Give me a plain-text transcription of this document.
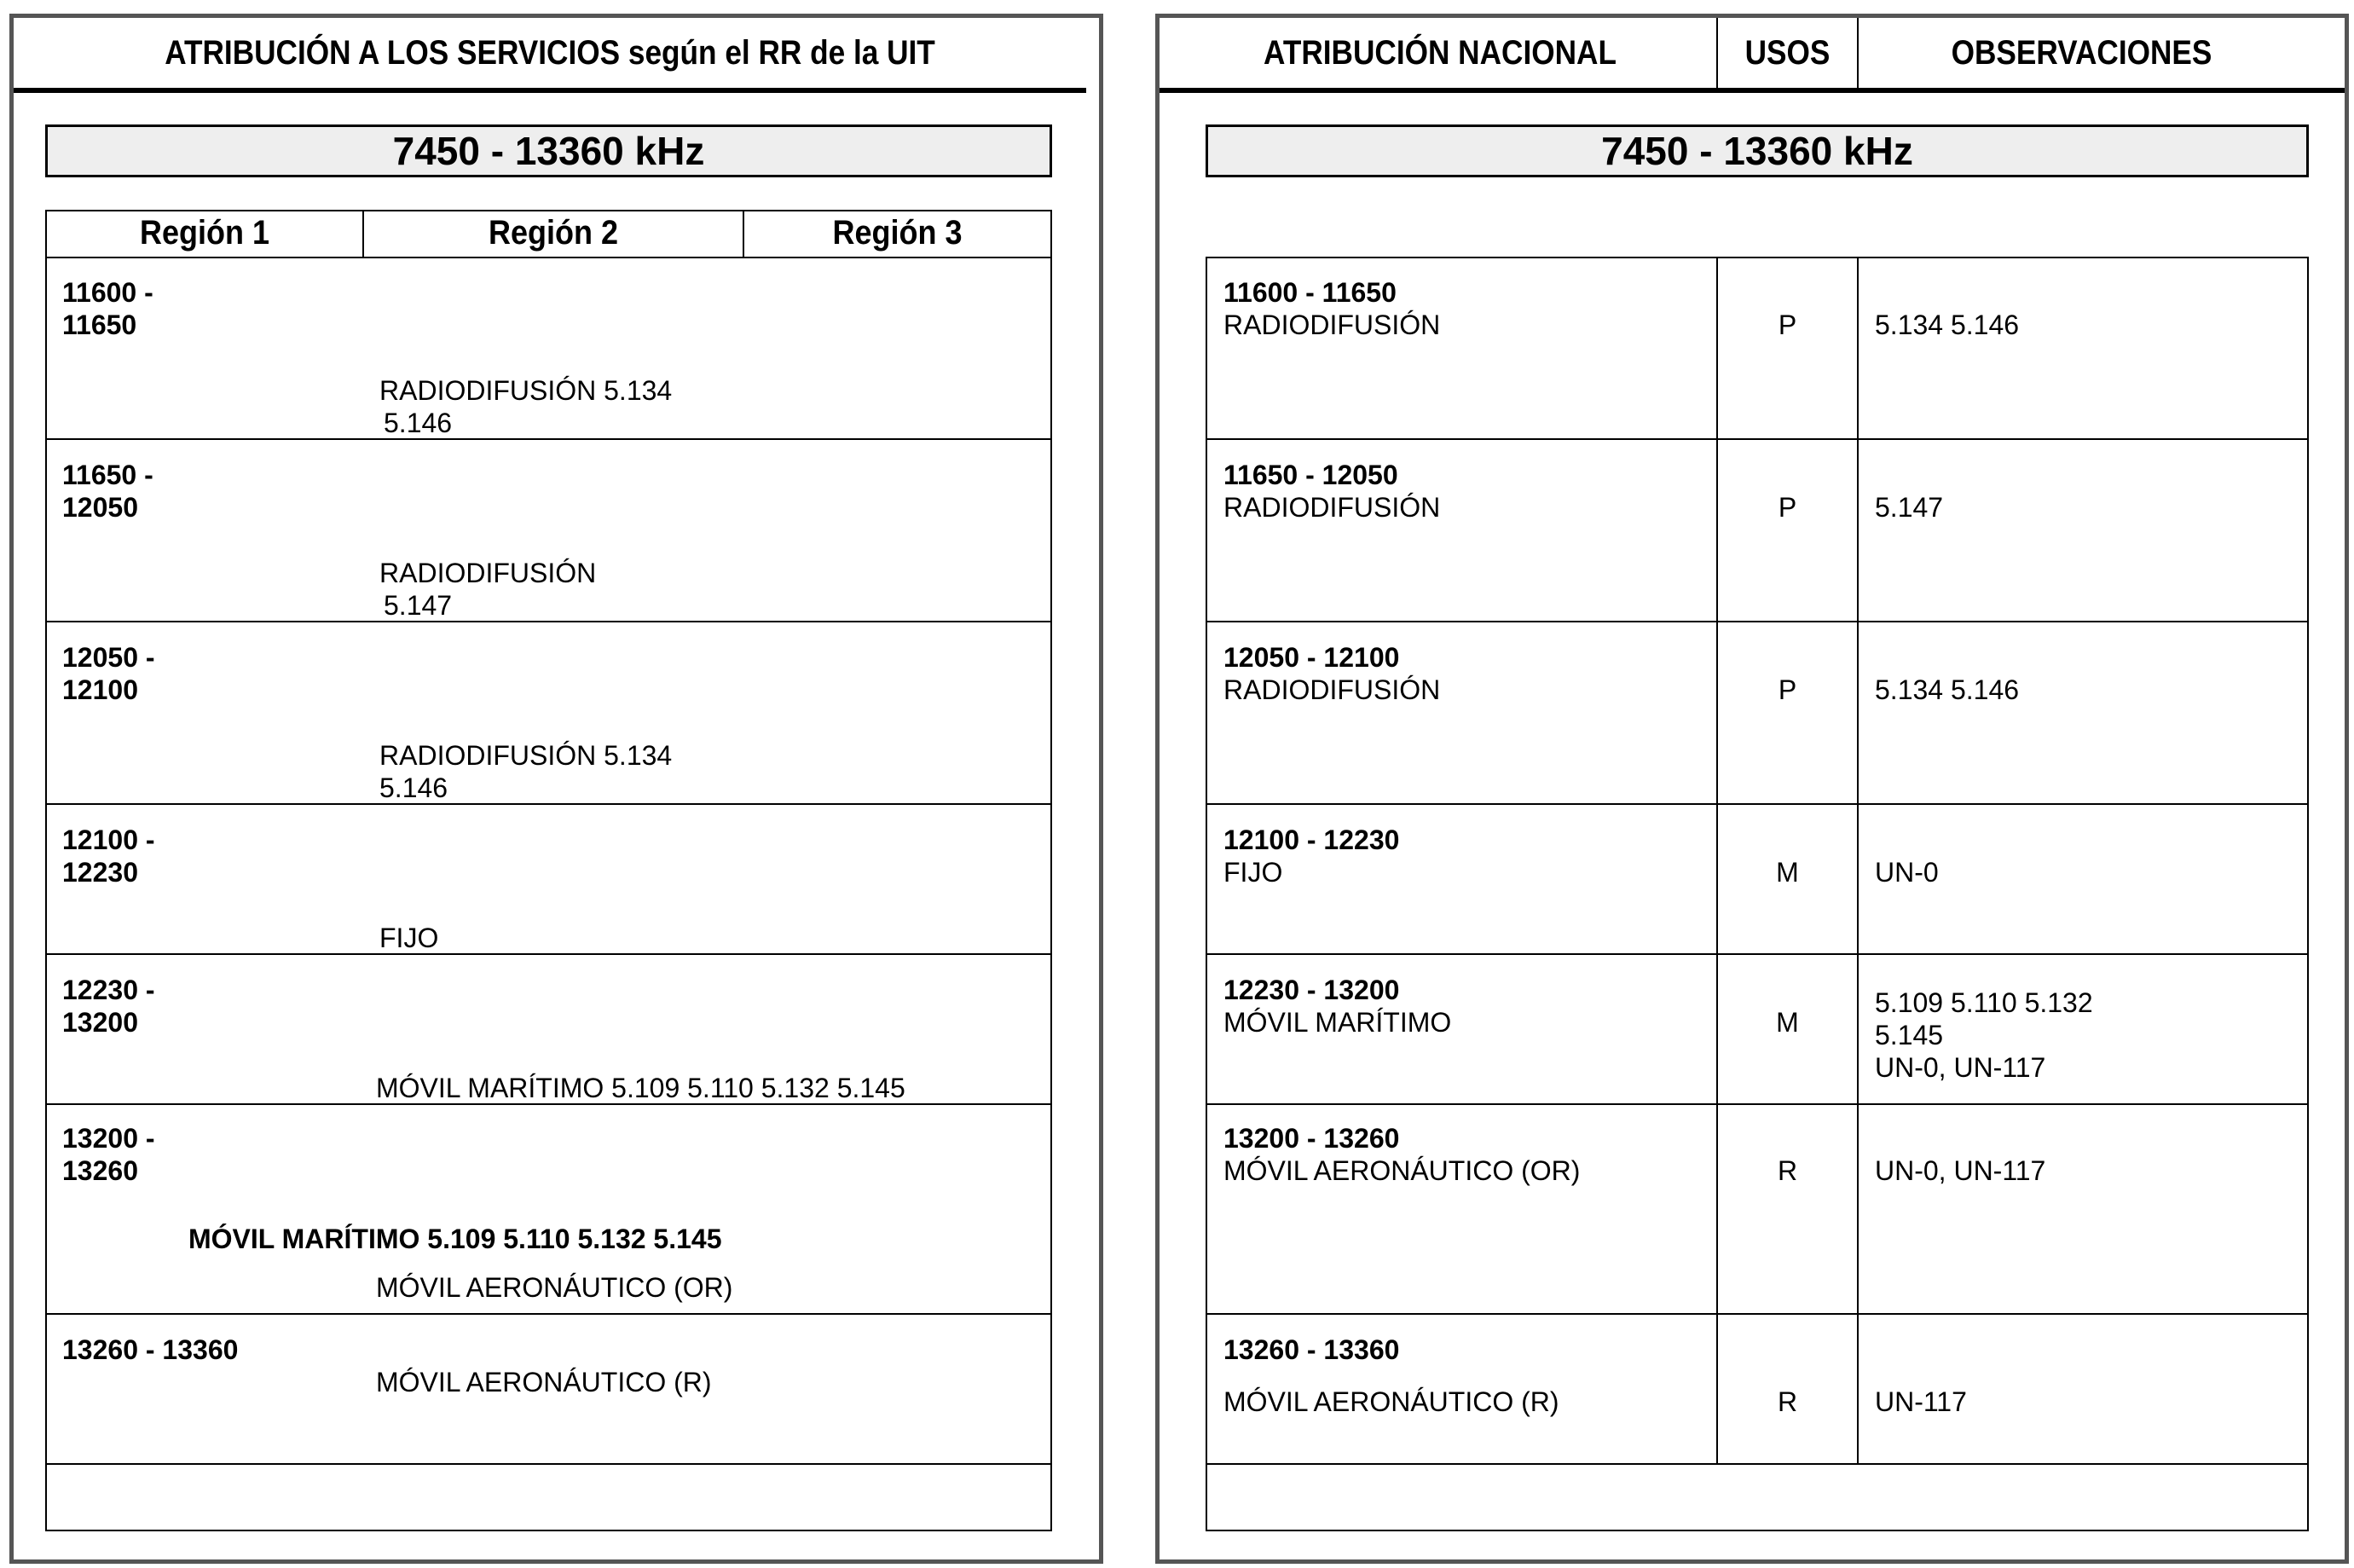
ATRIBUCIÓN A LOS SERVICIOS según el RR de la UIT
7450 - 13360 kHz
Región 1	Región 2	Región 3
11600 -
11650
RADIODIFUSIÓN 5.134
5.146
11650 -
12050
RADIODIFUSIÓN
5.147
12050 -
12100
RADIODIFUSIÓN 5.134
5.146
12100 -
12230
FIJO
12230 -
13200
MÓVIL MARÍTIMO 5.109 5.110 5.132 5.145
13200 -
13260
MÓVIL MARÍTIMO 5.109 5.110 5.132 5.145
MÓVIL AERONÁUTICO (OR)
13260 - 13360
MÓVIL AERONÁUTICO (R)
ATRIBUCIÓN NACIONAL	USOS	OBSERVACIONES
7450 - 13360 kHz
11600 - 11650
RADIODIFUSIÓN	P	5.134 5.146
11650 - 12050
RADIODIFUSIÓN	P	5.147
12050 - 12100
RADIODIFUSIÓN	P	5.134 5.146
12100 - 12230
FIJO	M	UN-0
12230 - 13200
MÓVIL MARÍTIMO	M
5.109 5.110 5.132
5.145
UN-0, UN-117
13200 - 13260
MÓVIL AERONÁUTICO (OR)	R	UN-0, UN-117
13260 - 13360
MÓVIL AERONÁUTICO (R)	R	UN-117
